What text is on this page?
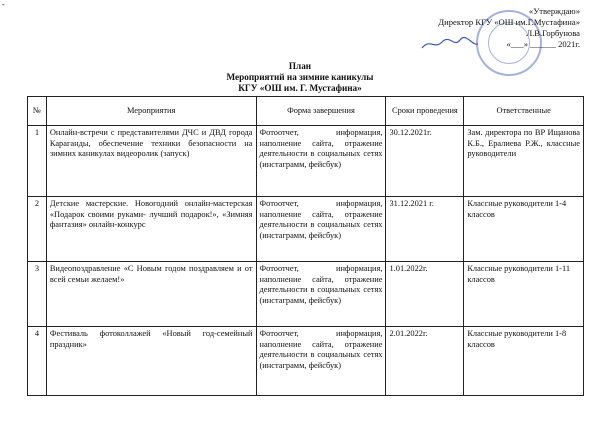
-
«Утверждаю»
Директор КГУ «ОШ им.Г.Мустафина»
Л.В.Горбунова
«___» ______ 2021г.
План
Мероприятий на зимние каникулы
КГУ «ОШ им. Г. Мустафина»
№	Мероприятия	Форма завершения	Сроки проведения	Ответственные
1	Онлайн-встречи с представителями ДЧС и ДВД города Караганды, обеспечение техники безопасности на зимних каникулах видеоролик (запуск)	Фотоотчет, информация, наполнение сайта, отражение деятельности в социальных сетях (инстаграмм, фейсбук)	30.12.2021г.	Зам. директора по ВР Ищанова К.Б., Ералиева Р.Ж., классные руководители
2	Детские мастерские. Новогодний онлайн-мастерская «Подарок своими руками- лучший подарок!», «Зимняя фантазия» онлайн-конкурс	Фотоотчет, информация, наполнение сайта, отражение деятельности в социальных сетях (инстаграмм, фейсбук)	31.12.2021 г.	Классные руководители 1-4 классов
3	Видеопоздравление «С Новым годом поздравляем и от всей семьи желаем!»	Фотоотчет, информация, наполнение сайта, отражение деятельности в социальных сетях (инстаграмм, фейсбук)	1.01.2022г.	Классные руководители 1-11 классов
4	Фестиваль фотоколлажей «Новый год-семейный праздник»	Фотоотчет, информация, наполнение сайта, отражение деятельности в социальных сетях (инстаграмм, фейсбук)	2.01.2022г.	Классные руководители 1-8 классов
